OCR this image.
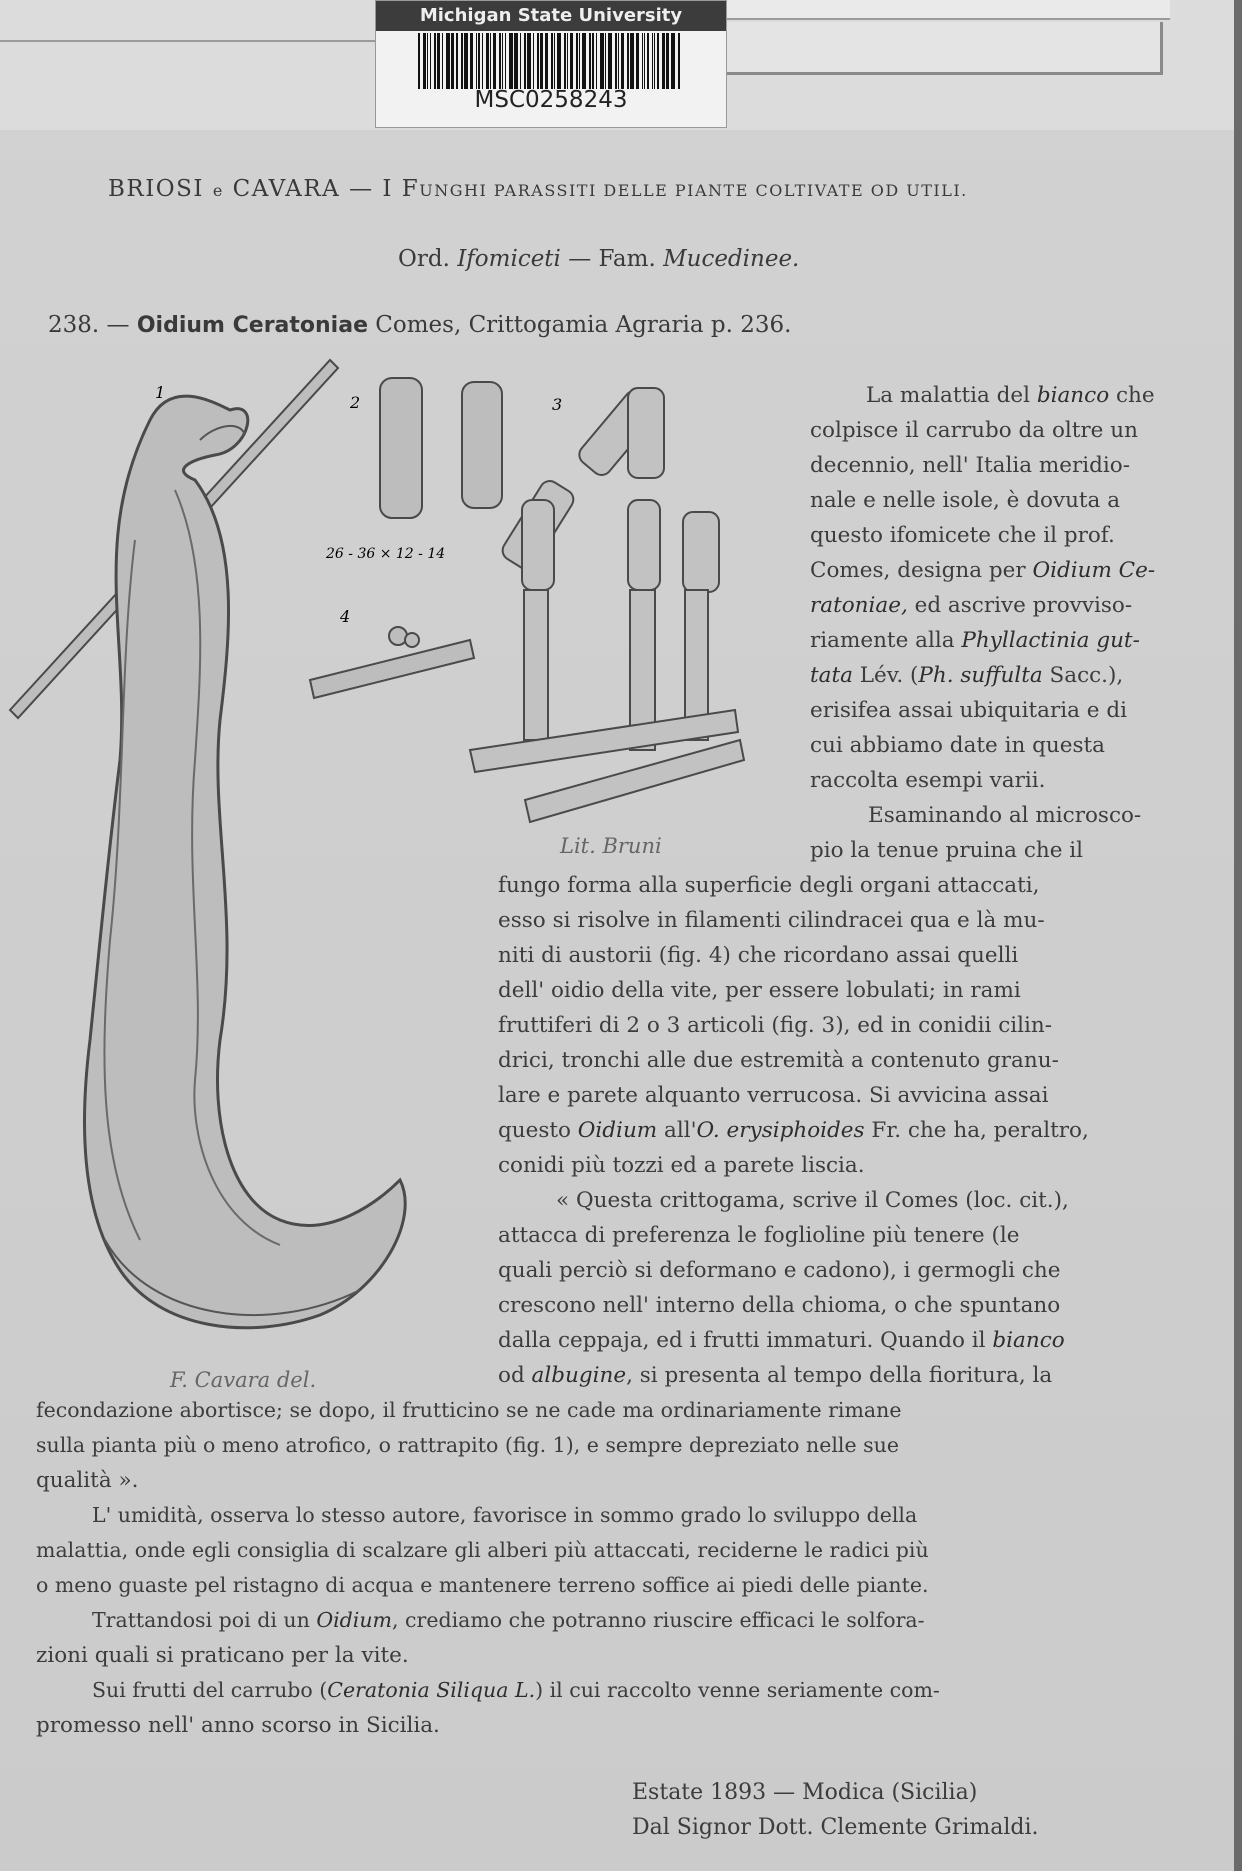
Michigan State University
MSC0258243
BRIOSI e CAVARA — I FUNGHI PARASSITI DELLE PIANTE COLTIVATE OD UTILI.
Ord. Ifomiceti — Fam. Mucedinee.
238. — Oidium Ceratoniae Comes, Crittogamia Agraria p. 236.
1
2	3
4
26 - 36 × 12 - 14
Lit. Bruni
F. Cavara del.
La malattia del bianco che
colpisce il carrubo da oltre un
decennio, nell' Italia meridio-
nale e nelle isole, è dovuta a
questo ifomicete che il prof.
Comes, designa per Oidium Ce-
ratoniae, ed ascrive provviso-
riamente alla Phyllactinia gut-
tata Lév. (Ph. suffulta Sacc.),
erisifea assai ubiquitaria e di
cui abbiamo date in questa
raccolta esempi varii.
Esaminando al microsco-
pio la tenue pruina che il
fungo forma alla superficie degli organi attaccati,
esso si risolve in filamenti cilindracei qua e là mu-
niti di austorii (fig. 4) che ricordano assai quelli
dell' oidio della vite, per essere lobulati; in rami
fruttiferi di 2 o 3 articoli (fig. 3), ed in conidii cilin-
drici, tronchi alle due estremità a contenuto granu-
lare e parete alquanto verrucosa. Si avvicina assai
questo Oidium all'O. erysiphoides Fr. che ha, peraltro,
conidi più tozzi ed a parete liscia.
« Questa crittogama, scrive il Comes (loc. cit.),
attacca di preferenza le foglioline più tenere (le
quali perciò si deformano e cadono), i germogli che
crescono nell' interno della chioma, o che spuntano
dalla ceppaja, ed i frutti immaturi. Quando il bianco
od albugine, si presenta al tempo della fioritura, la
fecondazione abortisce; se dopo, il frutticino se ne cade ma ordinariamente rimane
sulla pianta più o meno atrofico, o rattrapito (fig. 1), e sempre depreziato nelle sue
qualità ».
L' umidità, osserva lo stesso autore, favorisce in sommo grado lo sviluppo della
malattia, onde egli consiglia di scalzare gli alberi più attaccati, reciderne le radici più
o meno guaste pel ristagno di acqua e mantenere terreno soffice ai piedi delle piante.
Trattandosi poi di un Oidium, crediamo che potranno riuscire efficaci le solfora-
zioni quali si praticano per la vite.
Sui frutti del carrubo (Ceratonia Siliqua L.) il cui raccolto venne seriamente com-
promesso nell' anno scorso in Sicilia.
Estate 1893 — Modica (Sicilia)
Dal Signor Dott. Clemente Grimaldi.
